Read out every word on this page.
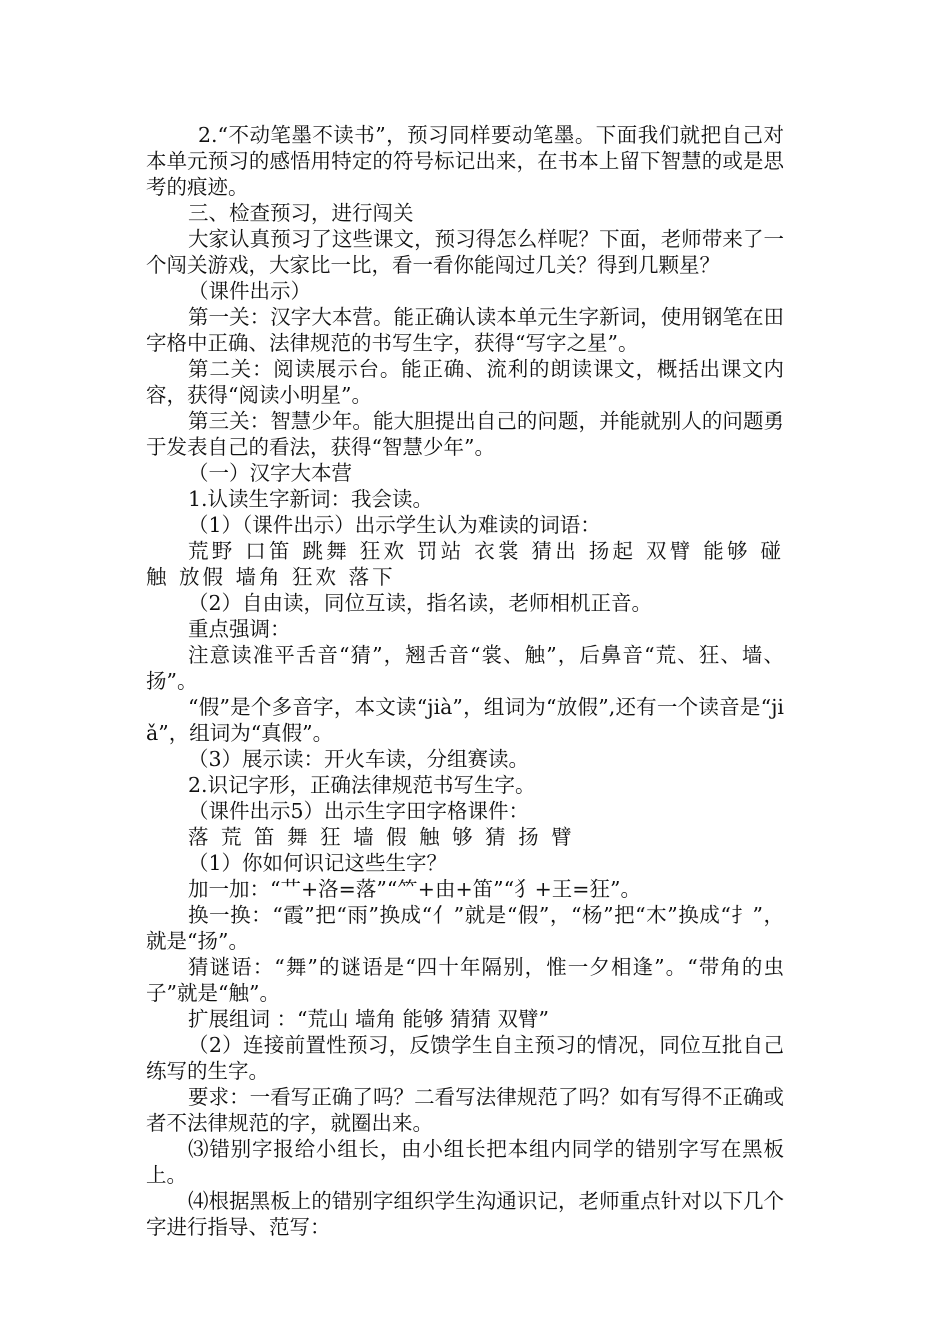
2.“不动笔墨不读书”，预习同样要动笔墨。下面我们就把自己对本单元预习的感悟用特定的符号标记出来，在书本上留下智慧的或是思考的痕迹。

三、检查预习，进行闯关

大家认真预习了这些课文，预习得怎么样呢？下面，老师带来了一个闯关游戏，大家比一比，看一看你能闯过几关？得到几颗星？

（课件出示）

第一关：汉字大本营。能正确认读本单元生字新词，使用钢笔在田字格中正确、法律规范的书写生字，获得“写字之星”。

第二关：阅读展示台。能正确、流利的朗读课文，概括出课文内容，获得“阅读小明星”。

第三关：智慧少年。能大胆提出自己的问题，并能就别人的问题勇于发表自己的看法，获得“智慧少年”。

（一）汉字大本营

1.认读生字新词：我会读。

（1）（课件出示）出示学生认为难读的词语：

荒野 口笛 跳舞 狂欢 罚站 衣裳 猜出 扬起 双臂 能够 碰触 放假 墙角 狂欢 落下

（2）自由读，同位互读，指名读，老师相机正音。

重点强调：

注意读准平舌音“猜”，翘舌音“裳、触”，后鼻音“荒、狂、墙、扬”。

“假”是个多音字，本文读“jià”，组词为“放假”,还有一个读音是“jiǎ”，组词为“真假”。

（3）展示读：开火车读，分组赛读。

2.识记字形，正确法律规范书写生字。

（课件出示5）出示生字田字格课件：

落 荒 笛 舞 狂 墙 假 触 够 猜 扬 臂

（1）你如何识记这些生字？

加一加：“艹+洛=落”“⺮+由+笛”“犭+王=狂”。

换一换：“霞”把“雨”换成“亻”就是“假”，“杨”把“木”换成“扌”，就是“扬”。

猜谜语：“舞”的谜语是“四十年隔别，惟一夕相逢”。“带角的虫子”就是“触”。

扩展组词 ：“荒山 墙角 能够 猜猜 双臂”

（2）连接前置性预习，反馈学生自主预习的情况，同位互批自己练写的生字。

要求：一看写正确了吗？二看写法律规范了吗？如有写得不正确或者不法律规范的字，就圈出来。

⑶错别字报给小组长，由小组长把本组内同学的错别字写在黑板上。

⑷根据黑板上的错别字组织学生沟通识记，老师重点针对以下几个字进行指导、范写：
